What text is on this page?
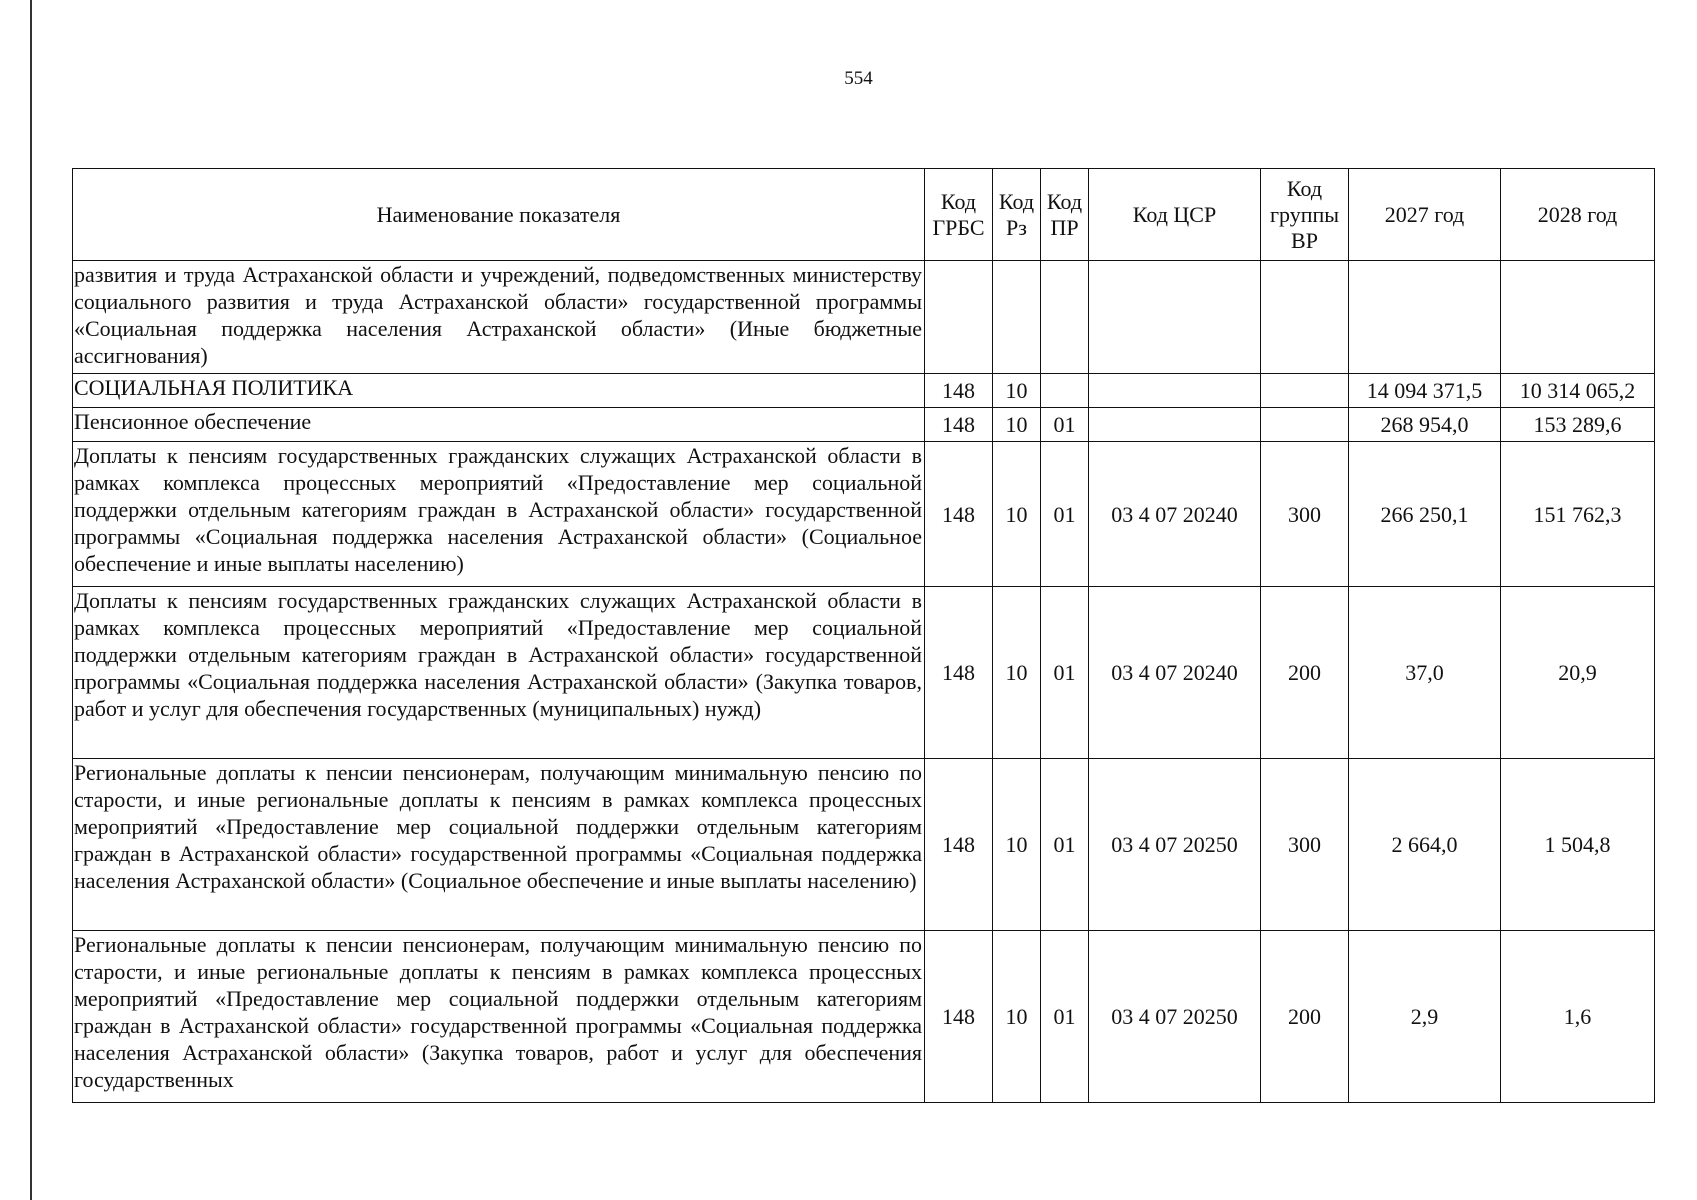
554
Наименование показателя	Код ГРБС	Код Рз	Код ПР	Код ЦСР	Код группы ВР	2027 год	2028 год
развития и труда Астраханской области и учреждений, подведомственных министерству социального развития и труда Астраханской области» государственной программы «Социальная поддержка населения Астраханской области» (Иные бюджетные ассигнования)							
СОЦИАЛЬНАЯ ПОЛИТИКА	148	10				14 094 371,5	10 314 065,2
Пенсионное обеспечение	148	10	01			268 954,0	153 289,6
Доплаты к пенсиям государственных гражданских служащих Астраханской области в рамках комплекса процессных мероприятий «Предоставление мер социальной поддержки отдельным категориям граждан в Астраханской области» государственной программы «Социальная поддержка населения Астраханской области» (Социальное обеспечение и иные выплаты населению)	148	10	01	03 4 07 20240	300	266 250,1	151 762,3
Доплаты к пенсиям государственных гражданских служащих Астраханской области в рамках комплекса процессных мероприятий «Предоставление мер социальной поддержки отдельным категориям граждан в Астраханской области» государственной программы «Социальная поддержка населения Астраханской области» (Закупка товаров, работ и услуг для обеспечения государственных (муниципальных) нужд)	148	10	01	03 4 07 20240	200	37,0	20,9
Региональные доплаты к пенсии пенсионерам, получающим минимальную пенсию по старости, и иные региональные доплаты к пенсиям в рамках комплекса процессных мероприятий «Предоставление мер социальной поддержки отдельным категориям граждан в Астраханской области» государственной программы «Социальная поддержка населения Астраханской области» (Социальное обеспечение и иные выплаты населению)	148	10	01	03 4 07 20250	300	2 664,0	1 504,8
Региональные доплаты к пенсии пенсионерам, получающим минимальную пенсию по старости, и иные региональные доплаты к пенсиям в рамках комплекса процессных мероприятий «Предоставление мер социальной поддержки отдельным категориям граждан в Астраханской области» государственной программы «Социальная поддержка населения Астраханской области» (Закупка товаров, работ и услуг для обеспечения государственных	148	10	01	03 4 07 20250	200	2,9	1,6
